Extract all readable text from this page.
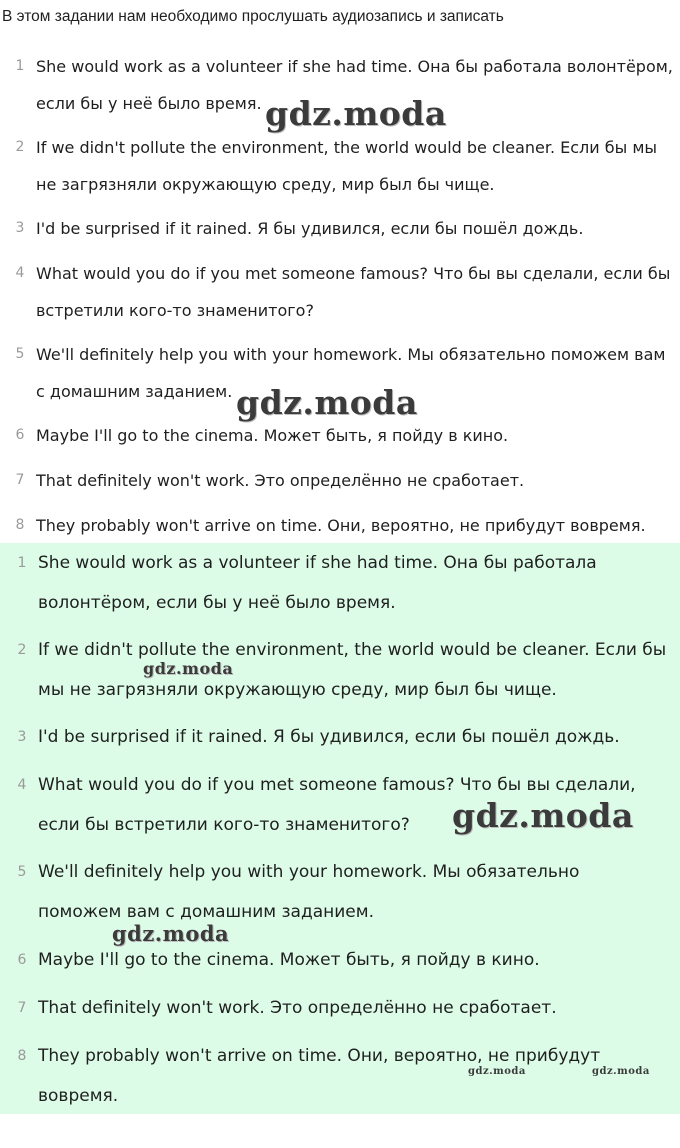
В этом задании нам необходимо прослушать аудиозапись и записать
1 She would work as a volunteer if she had time. Она бы работала волонтёром, если бы у неё было время.
2 If we didn't pollute the environment, the world would be cleaner. Если бы мы не загрязняли окружающую среду, мир был бы чище.
3 I'd be surprised if it rained. Я бы удивился, если бы пошёл дождь.
4 What would you do if you met someone famous? Что бы вы сделали, если бы встретили кого-то знаменитого?
5 We'll definitely help you with your homework. Мы обязательно поможем вам с домашним заданием.
6 Maybe I'll go to the cinema. Может быть, я пойду в кино.
7 That definitely won't work. Это определённо не сработает.
8 They probably won't arrive on time. Они, вероятно, не прибудут вовремя.
1 She would work as a volunteer if she had time. Она бы работала волонтёром, если бы у неё было время.
2 If we didn't pollute the environment, the world would be cleaner. Если бы мы не загрязняли окружающую среду, мир был бы чище.
3 I'd be surprised if it rained. Я бы удивился, если бы пошёл дождь.
4 What would you do if you met someone famous? Что бы вы сделали, если бы встретили кого-то знаменитого?
5 We'll definitely help you with your homework. Мы обязательно поможем вам с домашним заданием.
6 Maybe I'll go to the cinema. Может быть, я пойду в кино.
7 That definitely won't work. Это определённо не сработает.
8 They probably won't arrive on time. Они, вероятно, не прибудут вовремя.
gdz.moda
gdz.moda
gdz.moda
gdz.moda
gdz.moda
gdz.moda	gdz.moda
